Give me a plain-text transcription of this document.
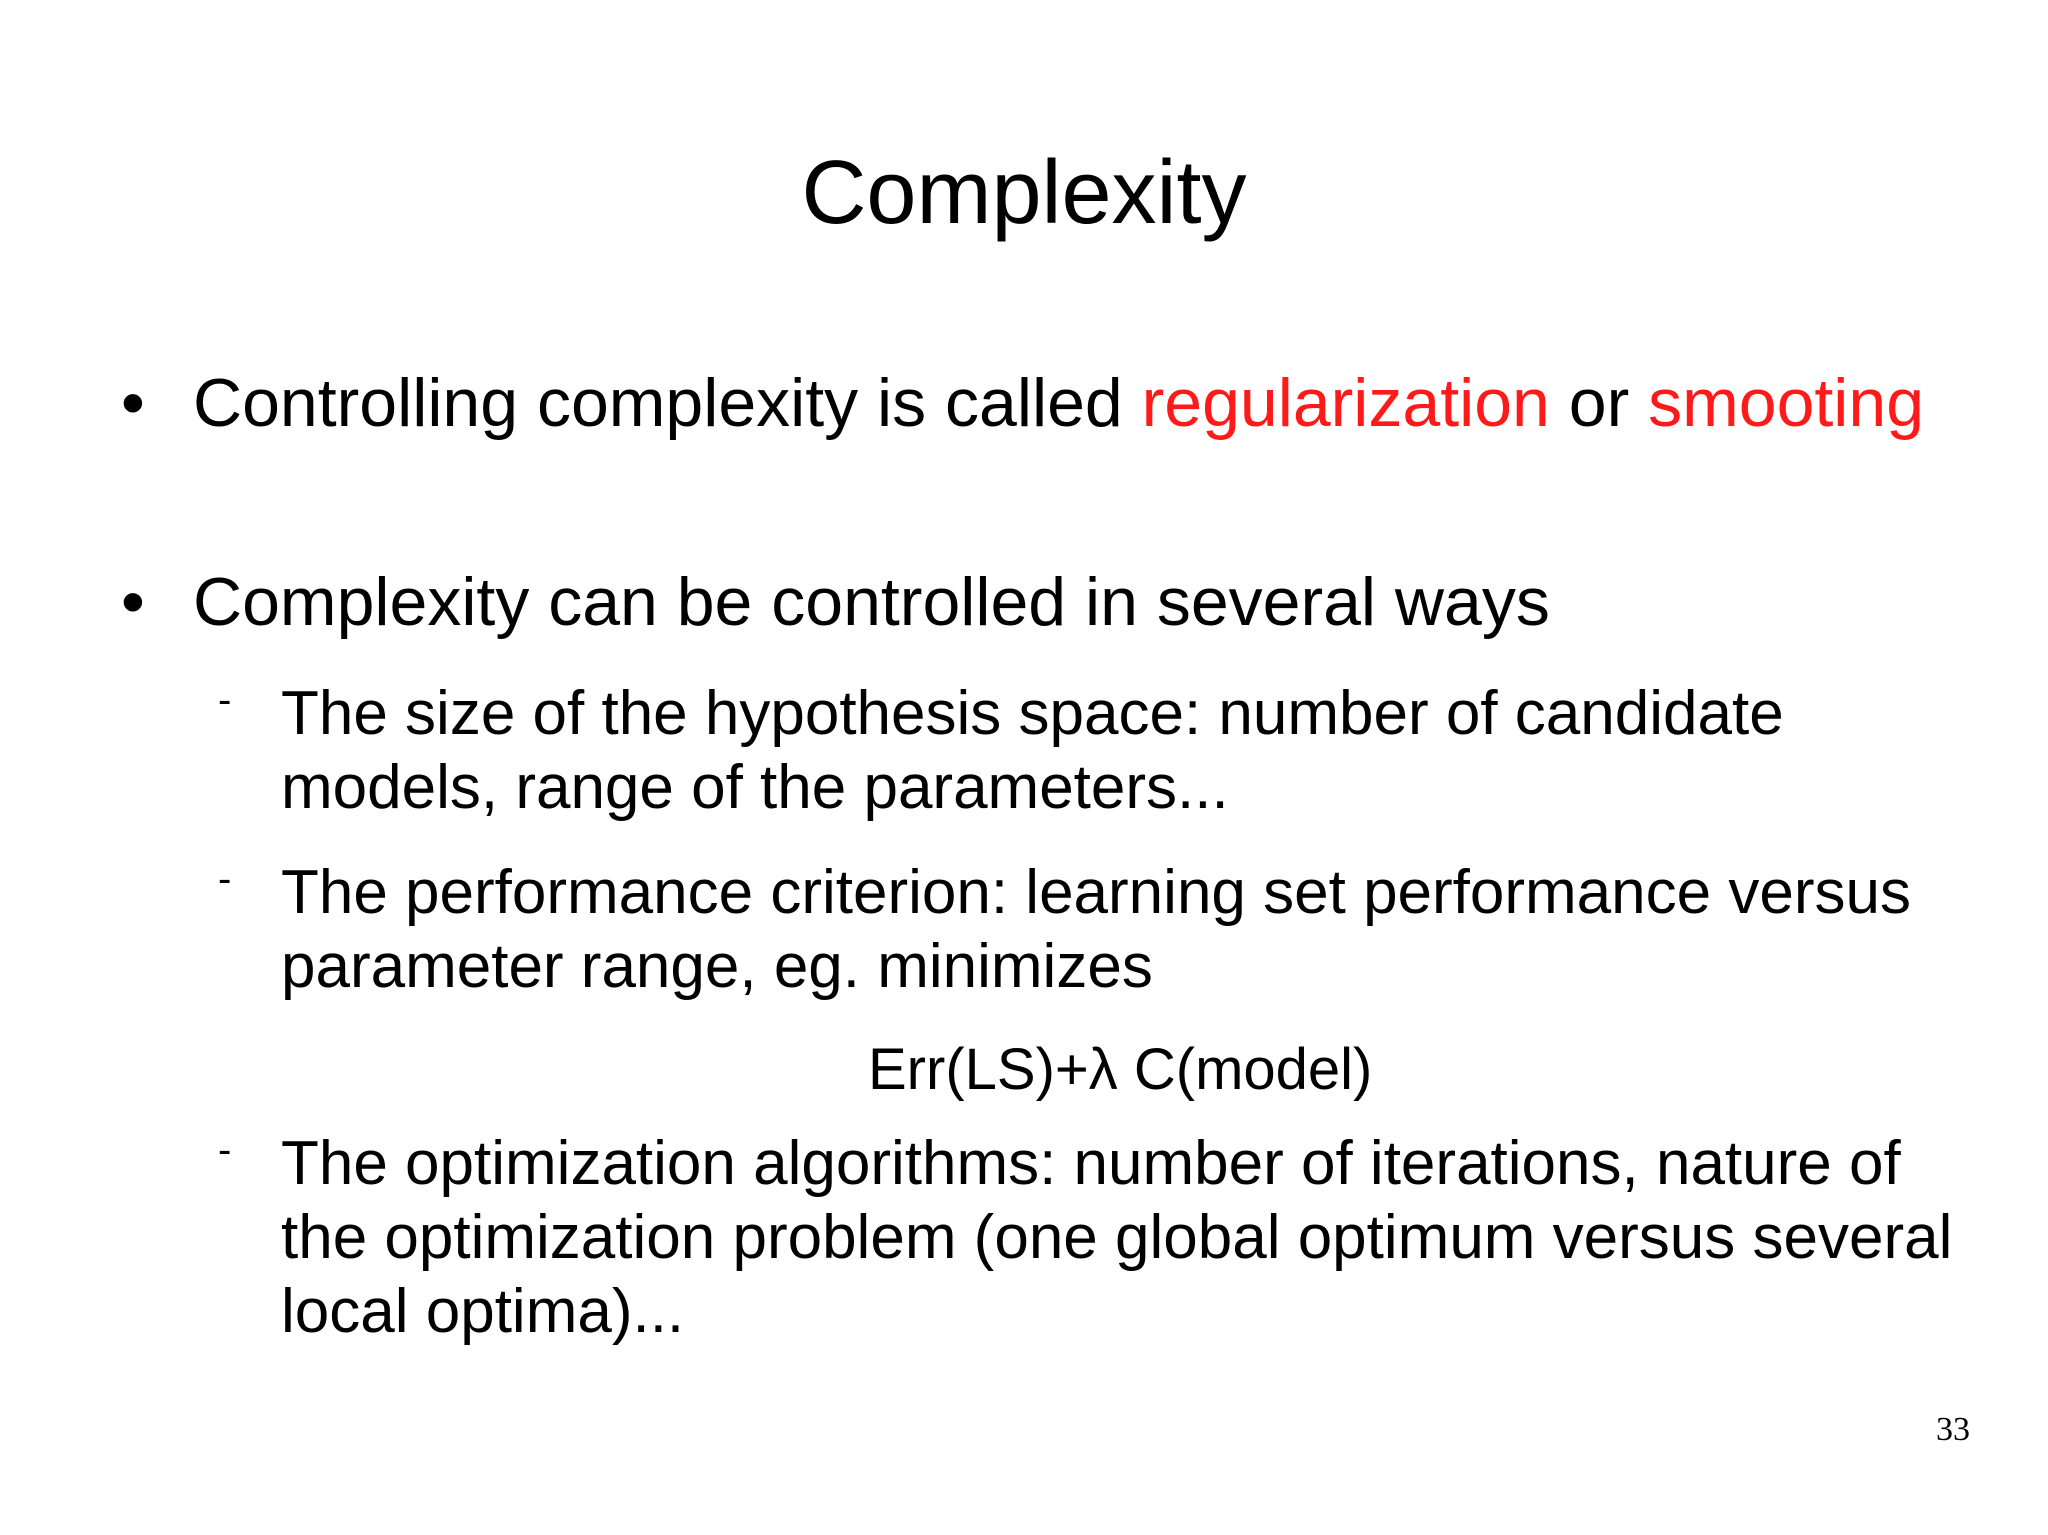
Complexity
• Controlling complexity is called regularization or smooting
• Complexity can be controlled in several ways
- The size of the hypothesis space: number of candidate models, range of the parameters...
- The performance criterion: learning set performance versus parameter range, eg. minimizes
Err(LS)+λ C(model)
- The optimization algorithms: number of iterations, nature of the optimization problem (one global optimum versus several local optima)...
33
